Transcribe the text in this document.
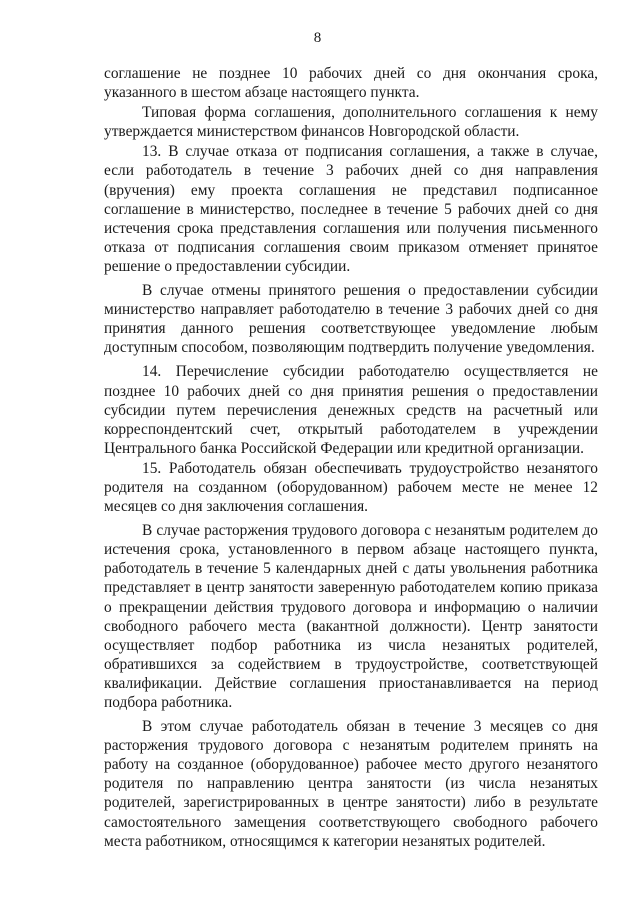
8

соглашение не позднее 10 рабочих дней со дня окончания срока, указанного в шестом абзаце настоящего пункта.

Типовая форма соглашения, дополнительного соглашения к нему утверждается министерством финансов Новгородской области.

13. В случае отказа от подписания соглашения, а также в случае, если работодатель в течение 3 рабочих дней со дня направления (вручения) ему проекта соглашения не представил подписанное соглашение в министерство, последнее в течение 5 рабочих дней со дня истечения срока представления соглашения или получения письменного отказа от подписания соглашения своим приказом отменяет принятое решение о предоставлении субсидии.

В случае отмены принятого решения о предоставлении субсидии министерство направляет работодателю в течение 3 рабочих дней со дня принятия данного решения соответствующее уведомление любым доступным способом, позволяющим подтвердить получение уведомления.

14. Перечисление субсидии работодателю осуществляется не позднее 10 рабочих дней со дня принятия решения о предоставлении субсидии путем перечисления денежных средств на расчетный или корреспондентский счет, открытый работодателем в учреждении Центрального банка Российской Федерации или кредитной организации.

15. Работодатель обязан обеспечивать трудоустройство незанятого родителя на созданном (оборудованном) рабочем месте не менее 12 месяцев со дня заключения соглашения.

В случае расторжения трудового договора с незанятым родителем до истечения срока, установленного в первом абзаце настоящего пункта, работодатель в течение 5 календарных дней с даты увольнения работника представляет в центр занятости заверенную работодателем копию приказа о прекращении действия трудового договора и информацию о наличии свободного рабочего места (вакантной должности). Центр занятости осуществляет подбор работника из числа незанятых родителей, обратившихся за содействием в трудоустройстве, соответствующей квалификации. Действие соглашения приостанавливается на период подбора работника.

В этом случае работодатель обязан в течение 3 месяцев со дня расторжения трудового договора с незанятым родителем принять на работу на созданное (оборудованное) рабочее место другого незанятого родителя по направлению центра занятости (из числа незанятых родителей, зарегистрированных в центре занятости) либо в результате самостоятельного замещения соответствующего свободного рабочего места работником, относящимся к категории незанятых родителей.
